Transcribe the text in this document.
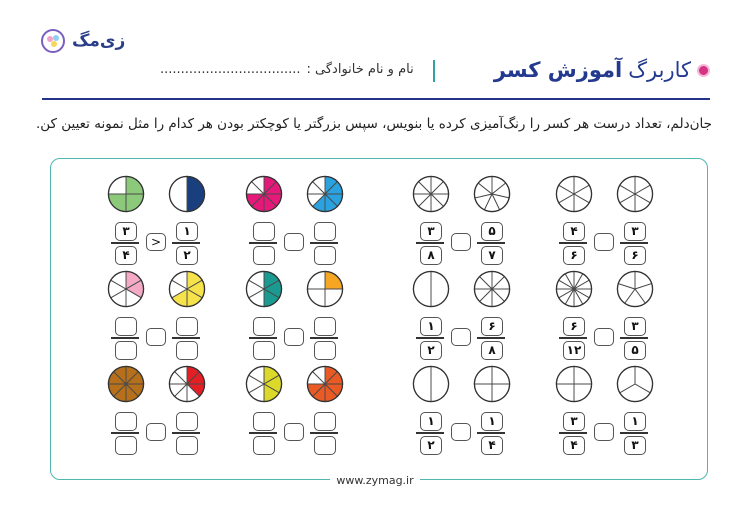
زی‌مگ
کاربرگ
آموزش کسر
نام و نام خانوادگی :
..................................
جان‌دلم، تعداد درست هر کسر را رنگ‌آمیزی کرده یا بنویس، سپس بزرگتر یا کوچکتر بودن هر کدام را مثل نمونه تعیین کن.
www.zymag.ir
۳
۴
۱
۲
>
۳
۸
۵
۷
۴
۶
۳
۶
۱
۲
۶
۸
۶
۱۲
۳
۵
۱
۲
۱
۴
۳
۴
۱
۳
